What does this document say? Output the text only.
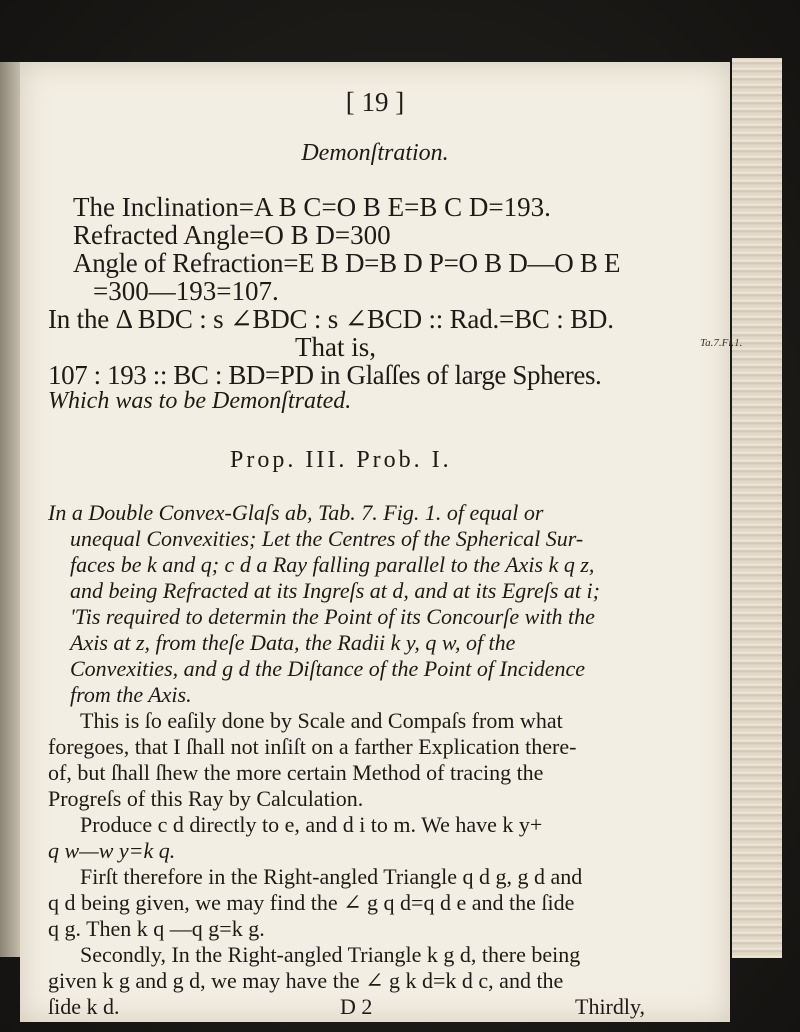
[ 19 ]
Demonſtration.
The Inclination=A B C=O B E=B C D=193.
Refracted Angle=O B D=300
Angle of Refraction=E B D=B D P=O B D—O B E
=300—193=107.
In the Δ BDC : s ∠BDC : s ∠BCD :: Rad.=BC : BD.
That is,
107 : 193 :: BC : BD=PD in Glaſſes of large Spheres.
Which was to be Demonſtrated.
Prop. III. Prob. I.
In a Double Convex-Glaſs ab, Tab. 7. Fig. 1. of equal or
unequal Convexities; Let the Centres of the Spherical Sur-
faces be k and q; c d a Ray falling parallel to the Axis k q z,
and being Refracted at its Ingreſs at d, and at its Egreſs at i;
'Tis required to determin the Point of its Concourſe with the
Axis at z, from theſe Data, the Radii k y, q w, of the
Convexities, and g d the Diſtance of the Point of Incidence
from the Axis.
Ta.7.Fi.1.
This is ſo eaſily done by Scale and Compaſs from what
foregoes, that I ſhall not inſiſt on a farther Explication there-
of, but ſhall ſhew the more certain Method of tracing the
Progreſs of this Ray by Calculation.
Produce c d directly to e, and d i to m. We have k y+
q w—w y=k q.
Firſt therefore in the Right-angled Triangle q d g, g d and
q d being given, we may find the ∠ g q d=q d e and the ſide
q g. Then k q —q g=k g.
Secondly, In the Right-angled Triangle k g d, there being
given k g and g d, we may have the ∠ g k d=k d c, and the
ſide k d.	D 2	Thirdly,
